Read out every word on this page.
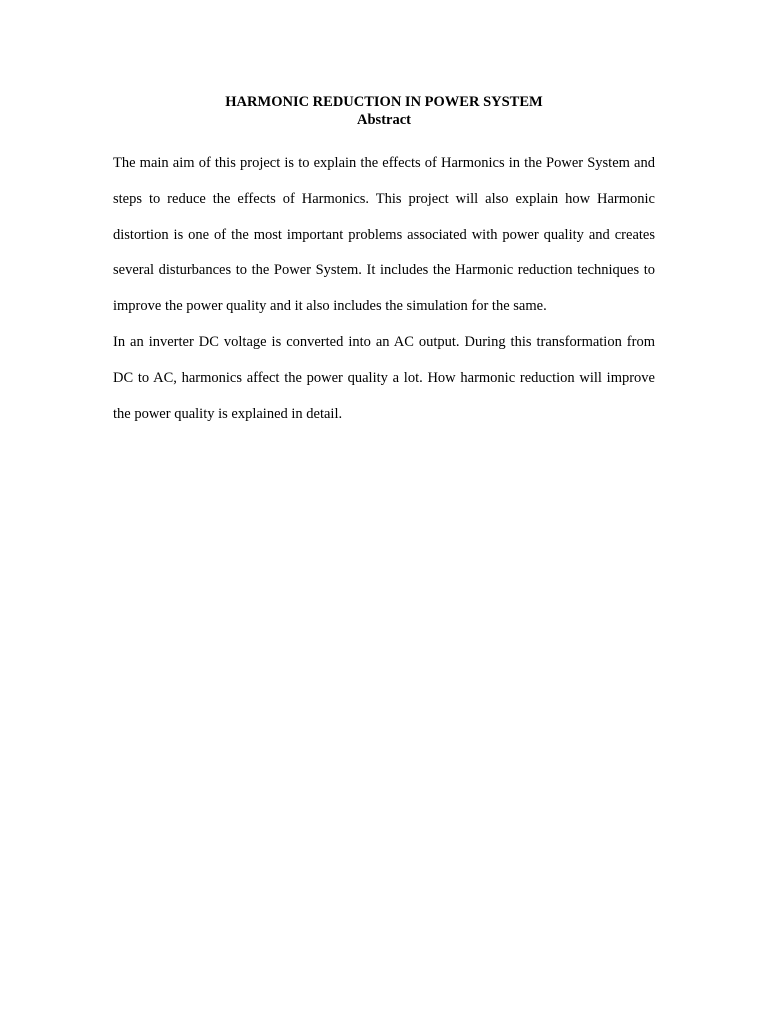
HARMONIC REDUCTION IN POWER SYSTEM
Abstract

The main aim of this project is to explain the effects of Harmonics in the Power System and steps to reduce the effects of Harmonics. This project will also explain how Harmonic distortion is one of the most important problems associated with power quality and creates several disturbances to the Power System. It includes the Harmonic reduction techniques to improve the power quality and it also includes the simulation for the same.

In an inverter DC voltage is converted into an AC output. During this transformation from DC to AC, harmonics affect the power quality a lot. How harmonic reduction will improve the power quality is explained in detail.
